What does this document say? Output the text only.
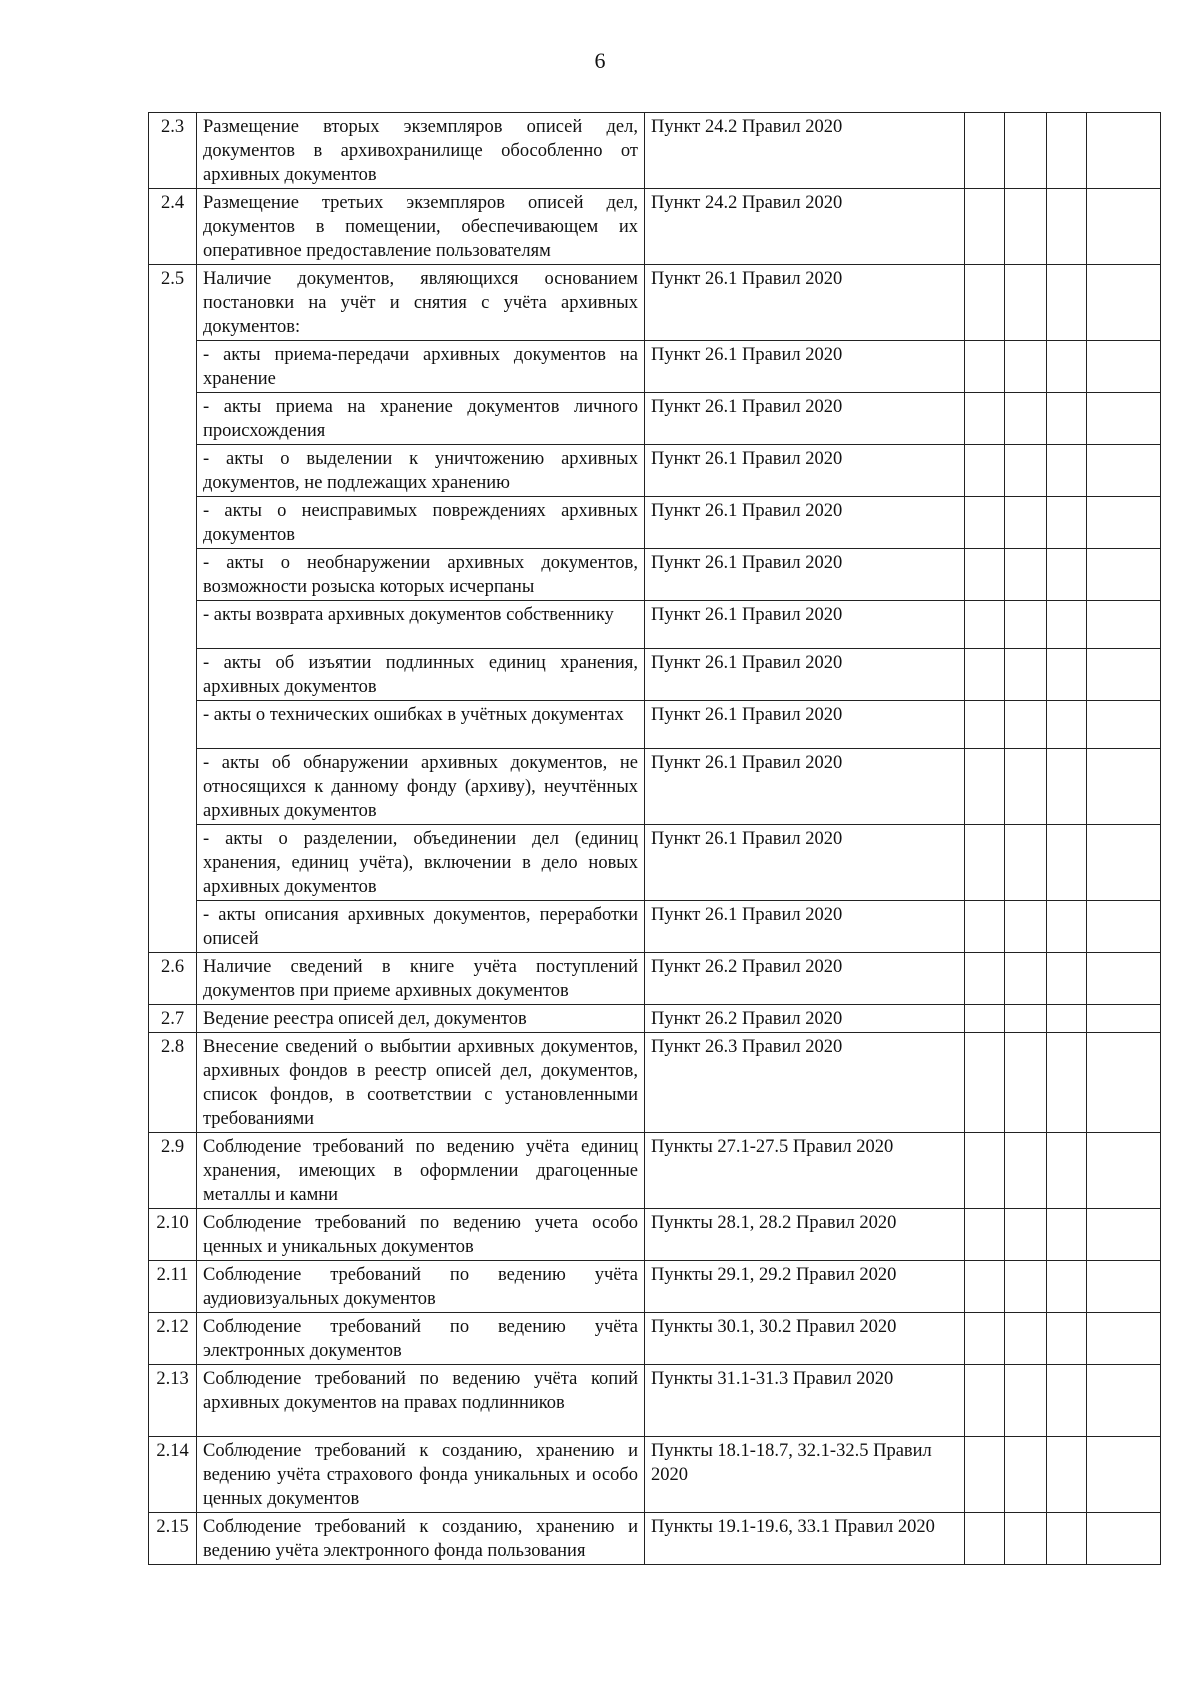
6
2.3	Размещение вторых экземпляров описей дел, документов в архивохранилище обособленно от архивных документов	Пункт 24.2 Правил 2020				
2.4	Размещение третьих экземпляров описей дел, документов в помещении, обеспечивающем их оперативное предоставление пользователям	Пункт 24.2 Правил 2020				
2.5	Наличие документов, являющихся основанием постановки на учёт и снятия с учёта архивных документов:	Пункт 26.1 Правил 2020				
	- акты приема-передачи архивных документов на хранение	Пункт 26.1 Правил 2020				
	- акты приема на хранение документов личного происхождения	Пункт 26.1 Правил 2020				
	- акты о выделении к уничтожению архивных документов, не подлежащих хранению	Пункт 26.1 Правил 2020				
	- акты о неисправимых повреждениях архивных документов	Пункт 26.1 Правил 2020				
	- акты о необнаружении архивных документов, возможности розыска которых исчерпаны	Пункт 26.1 Правил 2020				
	- акты возврата архивных документов собственнику	Пункт 26.1 Правил 2020				
	- акты об изъятии подлинных единиц хранения, архивных документов	Пункт 26.1 Правил 2020				
	- акты о технических ошибках в учётных документах	Пункт 26.1 Правил 2020				
	- акты об обнаружении архивных документов, не относящихся к данному фонду (архиву), неучтённых архивных документов	Пункт 26.1 Правил 2020				
	- акты о разделении, объединении дел (единиц хранения, единиц учёта), включении в дело новых архивных документов	Пункт 26.1 Правил 2020				
	- акты описания архивных документов, переработки описей	Пункт 26.1 Правил 2020				
2.6	Наличие сведений в книге учёта поступлений документов при приеме архивных документов	Пункт 26.2 Правил 2020				
2.7	Ведение реестра описей дел, документов	Пункт 26.2 Правил 2020				
2.8	Внесение сведений о выбытии архивных документов, архивных фондов в реестр описей дел, документов, список фондов, в соответствии с установленными требованиями	Пункт 26.3 Правил 2020				
2.9	Соблюдение требований по ведению учёта единиц хранения, имеющих в оформлении драгоценные металлы и камни	Пункты 27.1-27.5 Правил 2020				
2.10	Соблюдение требований по ведению учета особо ценных и уникальных документов	Пункты 28.1, 28.2 Правил 2020				
2.11	Соблюдение требований по ведению учёта аудиовизуальных документов	Пункты 29.1, 29.2 Правил 2020				
2.12	Соблюдение требований по ведению учёта электронных документов	Пункты 30.1, 30.2 Правил 2020				
2.13	Соблюдение требований по ведению учёта копий архивных документов на правах подлинников	Пункты 31.1-31.3 Правил 2020				
2.14	Соблюдение требований к созданию, хранению и ведению учёта страхового фонда уникальных и особо ценных документов	Пункты 18.1-18.7, 32.1-32.5 Правил 2020				
2.15	Соблюдение требований к созданию, хранению и ведению учёта электронного фонда пользования	Пункты 19.1-19.6, 33.1 Правил 2020				
